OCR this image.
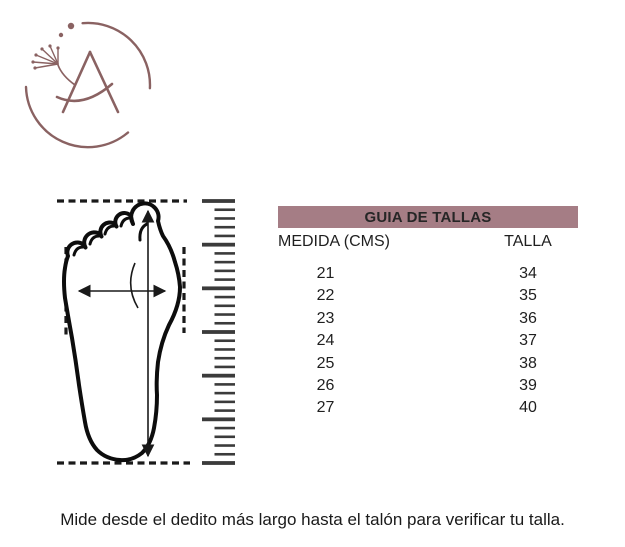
GUIA DE TALLAS
MEDIDA (CMS)	TALLA
21	34
22	35
23	36
24	37
25	38
26	39
27	40
Mide desde el dedito más largo hasta el talón para verificar tu talla.
